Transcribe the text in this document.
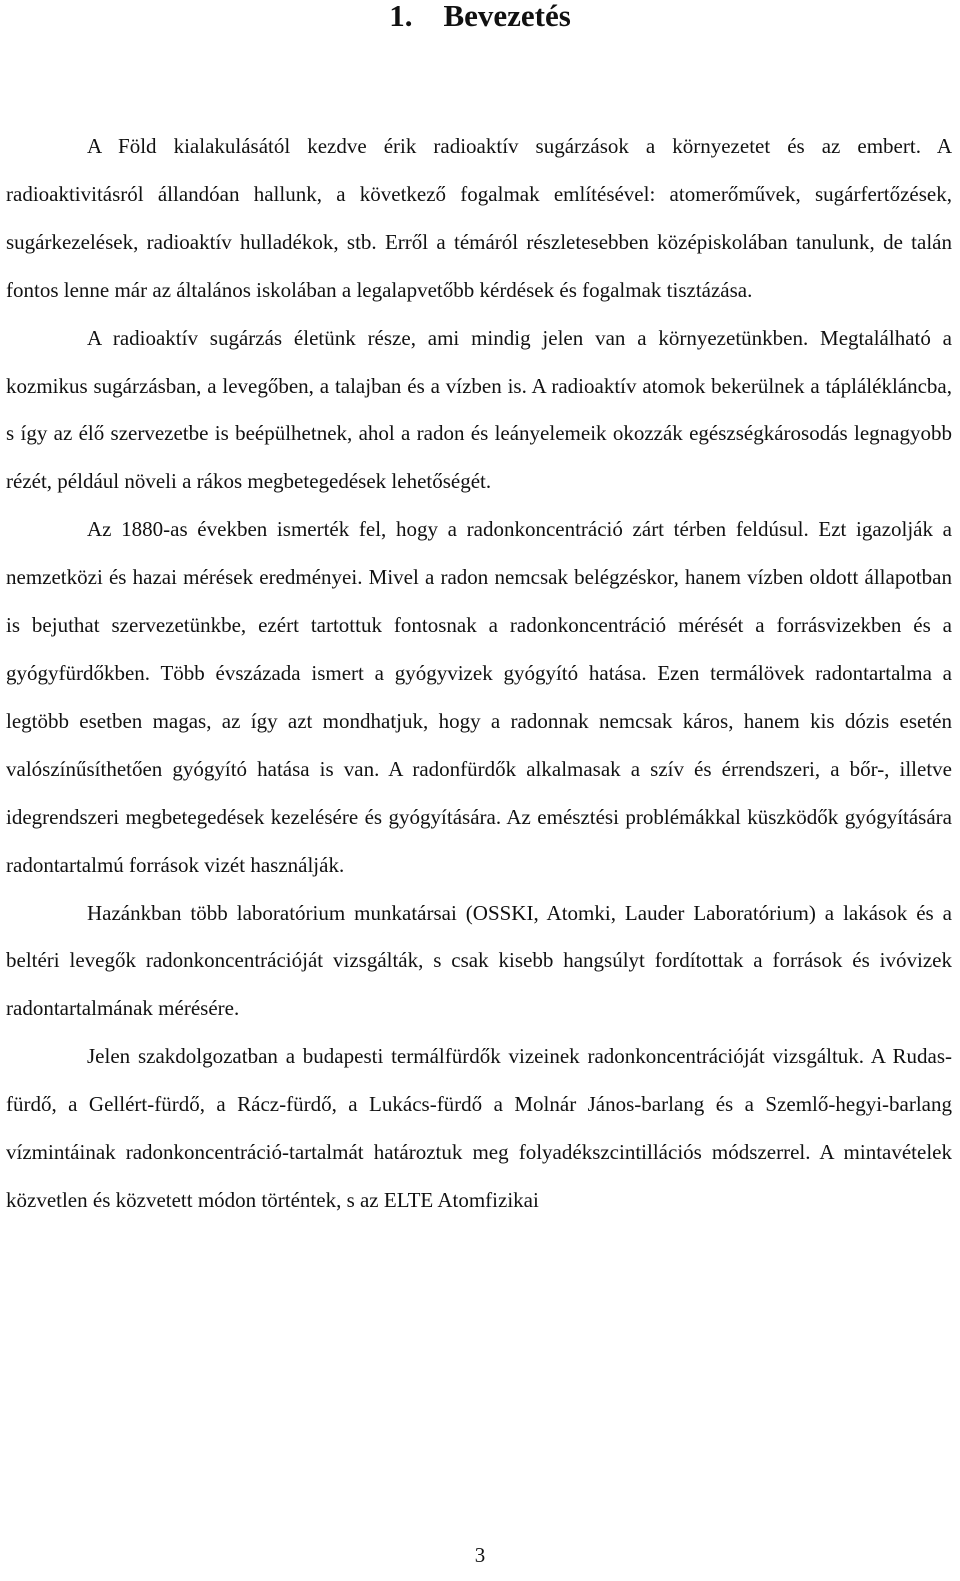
1. Bevezetés

A Föld kialakulásától kezdve érik radioaktív sugárzások a környezetet és az embert. A radioaktivitásról állandóan hallunk, a következő fogalmak említésével: atomerőművek, sugárfertőzések, sugárkezelések, radioaktív hulladékok, stb. Erről a témáról részletesebben középiskolában tanulunk, de talán fontos lenne már az általános iskolában a legalapvetőbb kérdések és fogalmak tisztázása.

A radioaktív sugárzás életünk része, ami mindig jelen van a környezetünkben. Megtalálható a kozmikus sugárzásban, a levegőben, a talajban és a vízben is. A radioaktív atomok bekerülnek a táplálékláncba, s így az élő szervezetbe is beépülhetnek, ahol a radon és leányelemeik okozzák egészségkárosodás legnagyobb rézét, például növeli a rákos megbetegedések lehetőségét.

Az 1880-as években ismerték fel, hogy a radonkoncentráció zárt térben feldúsul. Ezt igazolják a nemzetközi és hazai mérések eredményei. Mivel a radon nemcsak belégzéskor, hanem vízben oldott állapotban is bejuthat szervezetünkbe, ezért tartottuk fontosnak a radonkoncentráció mérését a forrásvizekben és a gyógyfürdőkben. Több évszázada ismert a gyógyvizek gyógyító hatása. Ezen termálövek radontartalma a legtöbb esetben magas, az így azt mondhatjuk, hogy a radonnak nemcsak káros, hanem kis dózis esetén valószínűsíthetően gyógyító hatása is van. A radonfürdők alkalmasak a szív és érrendszeri, a bőr-, illetve idegrendszeri megbetegedések kezelésére és gyógyítására. Az emésztési problémákkal küszködők gyógyítására radontartalmú források vizét használják.

Hazánkban több laboratórium munkatársai (OSSKI, Atomki, Lauder Laboratórium) a lakások és a beltéri levegők radonkoncentrációját vizsgálták, s csak kisebb hangsúlyt fordítottak a források és ivóvizek radontartalmának mérésére.

Jelen szakdolgozatban a budapesti termálfürdők vizeinek radonkoncentrációját vizsgáltuk. A Rudas-fürdő, a Gellért-fürdő, a Rácz-fürdő, a Lukács-fürdő a Molnár János-barlang és a Szemlő-hegyi-barlang vízmintáinak radonkoncentráció-tartalmát határoztuk meg folyadékszcintillációs módszerrel. A mintavételek közvetlen és közvetett módon történtek, s az ELTE Atomfizikai

3
